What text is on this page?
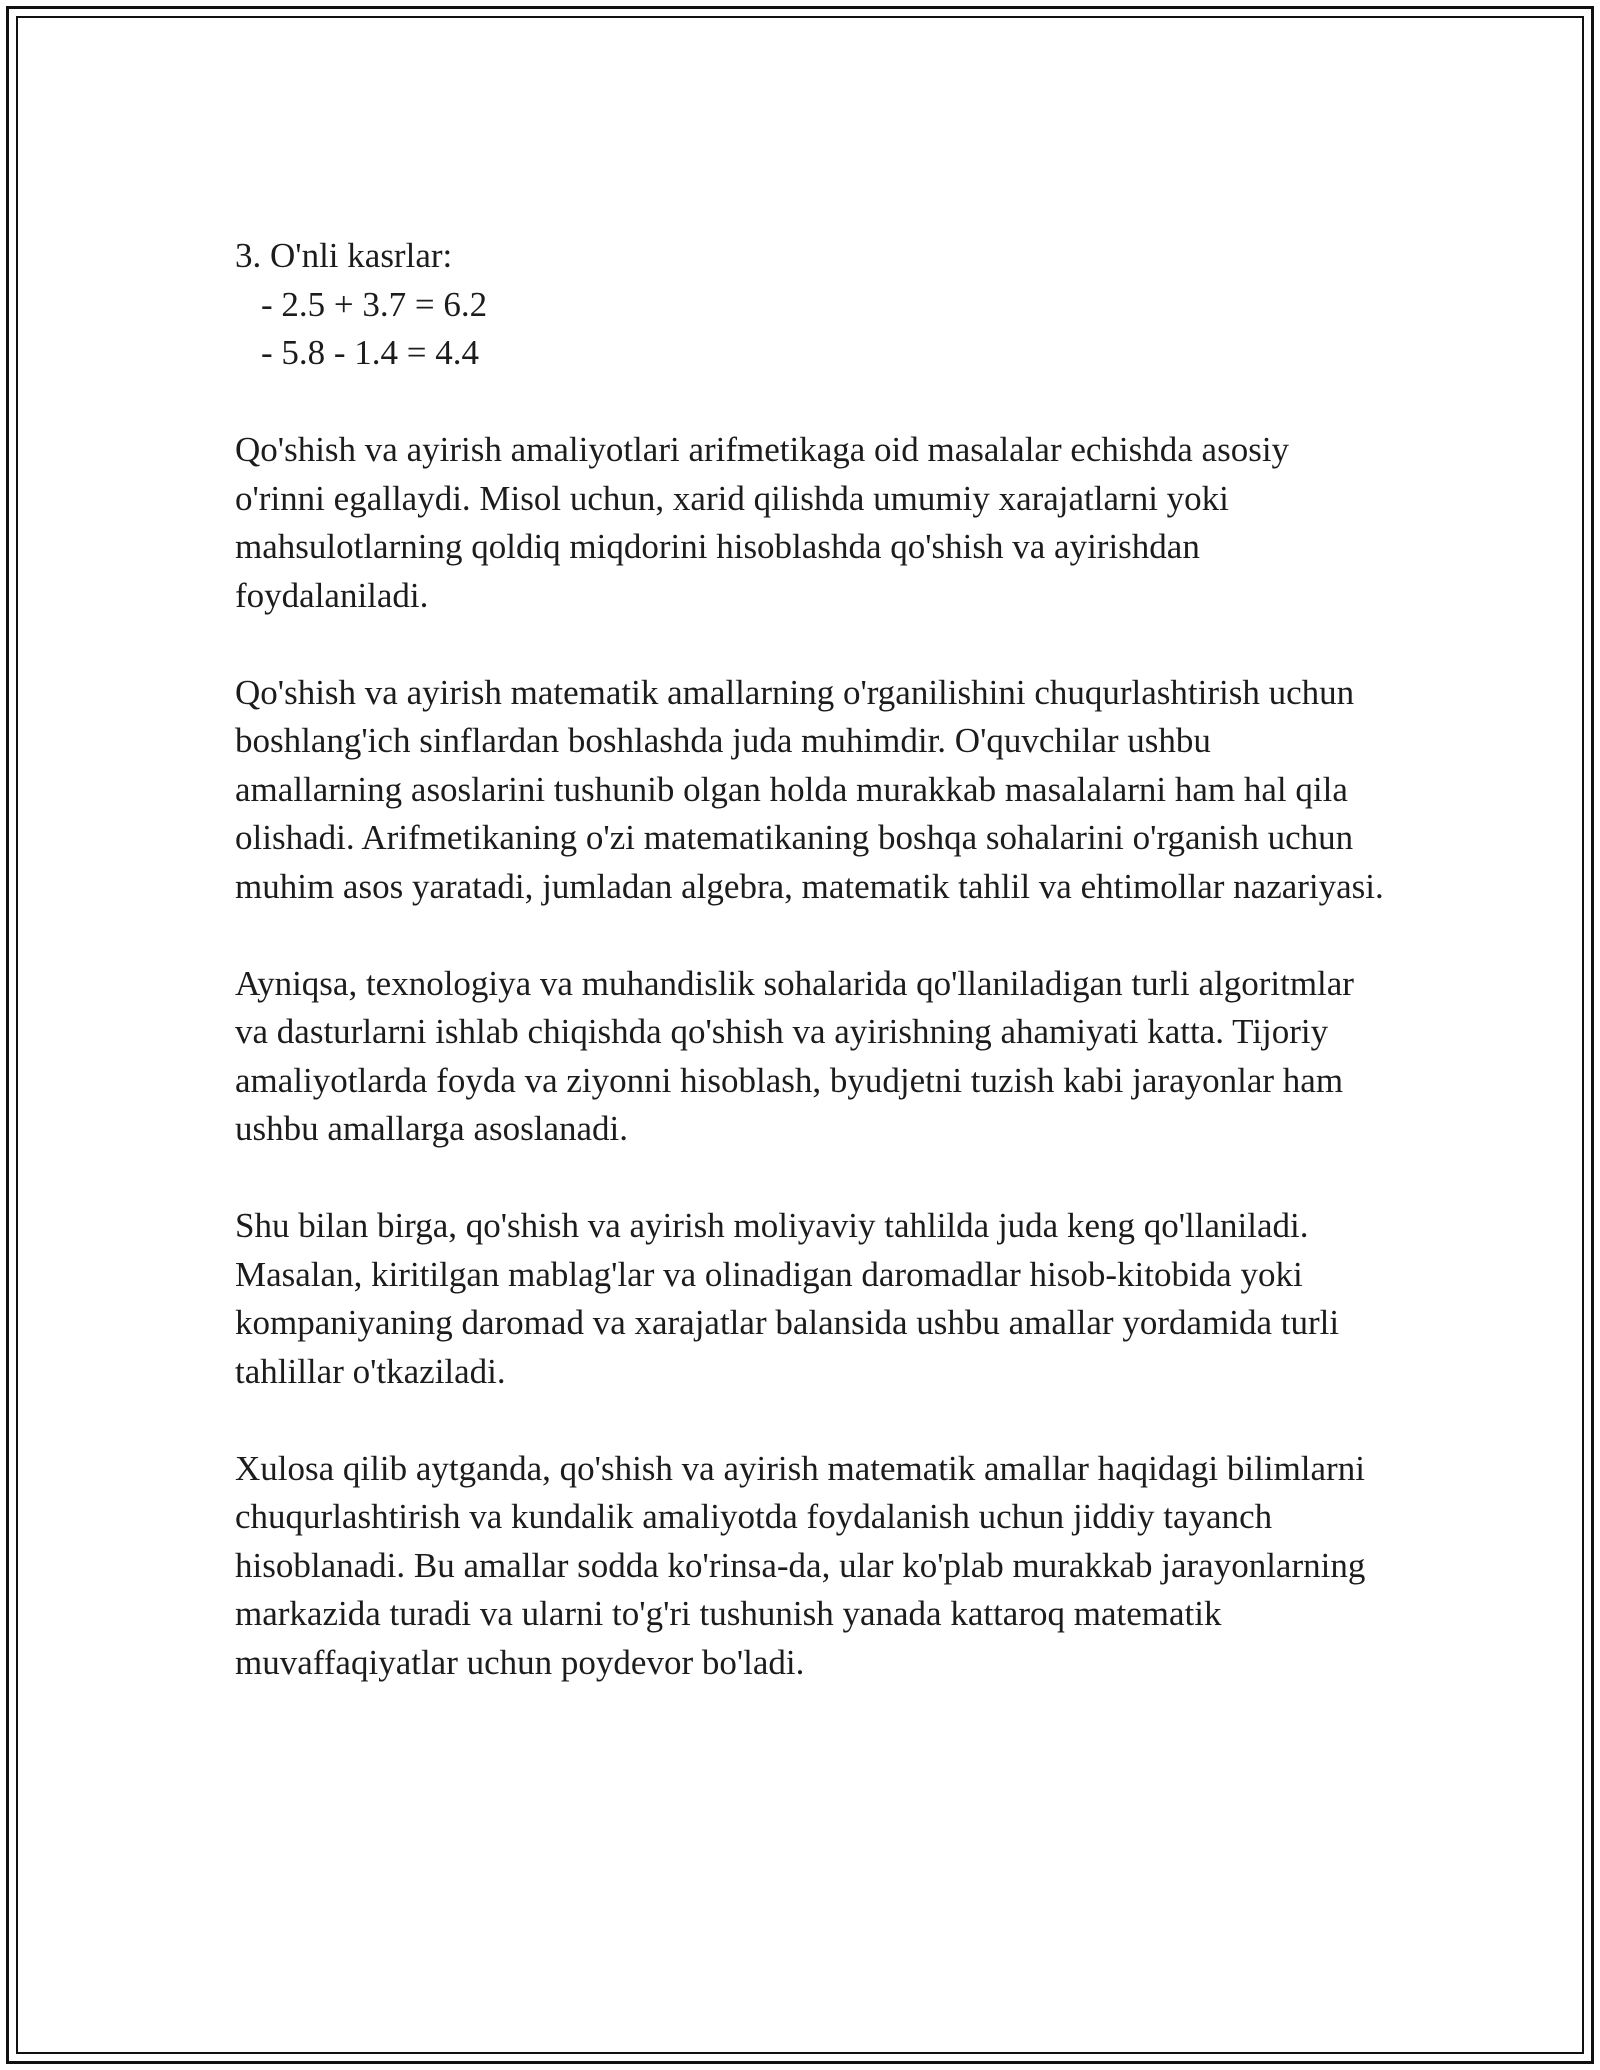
3. O'nli kasrlar:
- 2.5 + 3.7 = 6.2
- 5.8 - 1.4 = 4.4

Qo'shish va ayirish amaliyotlari arifmetikaga oid masalalar echishda asosiy o'rinni egallaydi. Misol uchun, xarid qilishda umumiy xarajatlarni yoki mahsulotlarning qoldiq miqdorini hisoblashda qo'shish va ayirishdan foydalaniladi.

Qo'shish va ayirish matematik amallarning o'rganilishini chuqurlashtirish uchun boshlang'ich sinflardan boshlashda juda muhimdir. O'quvchilar ushbu amallarning asoslarini tushunib olgan holda murakkab masalalarni ham hal qila olishadi. Arifmetikaning o'zi matematikaning boshqa sohalarini o'rganish uchun muhim asos yaratadi, jumladan algebra, matematik tahlil va ehtimollar nazariyasi.

Ayniqsa, texnologiya va muhandislik sohalarida qo'llaniladigan turli algoritmlar va dasturlarni ishlab chiqishda qo'shish va ayirishning ahamiyati katta. Tijoriy amaliyotlarda foyda va ziyonni hisoblash, byudjetni tuzish kabi jarayonlar ham ushbu amallarga asoslanadi.

Shu bilan birga, qo'shish va ayirish moliyaviy tahlilda juda keng qo'llaniladi. Masalan, kiritilgan mablag'lar va olinadigan daromadlar hisob-kitobida yoki kompaniyaning daromad va xarajatlar balansida ushbu amallar yordamida turli tahlillar o'tkaziladi.

Xulosa qilib aytganda, qo'shish va ayirish matematik amallar haqidagi bilimlarni chuqurlashtirish va kundalik amaliyotda foydalanish uchun jiddiy tayanch hisoblanadi. Bu amallar sodda ko'rinsa-da, ular ko'plab murakkab jarayonlarning markazida turadi va ularni to'g'ri tushunish yanada kattaroq matematik muvaffaqiyatlar uchun poydevor bo'ladi.
